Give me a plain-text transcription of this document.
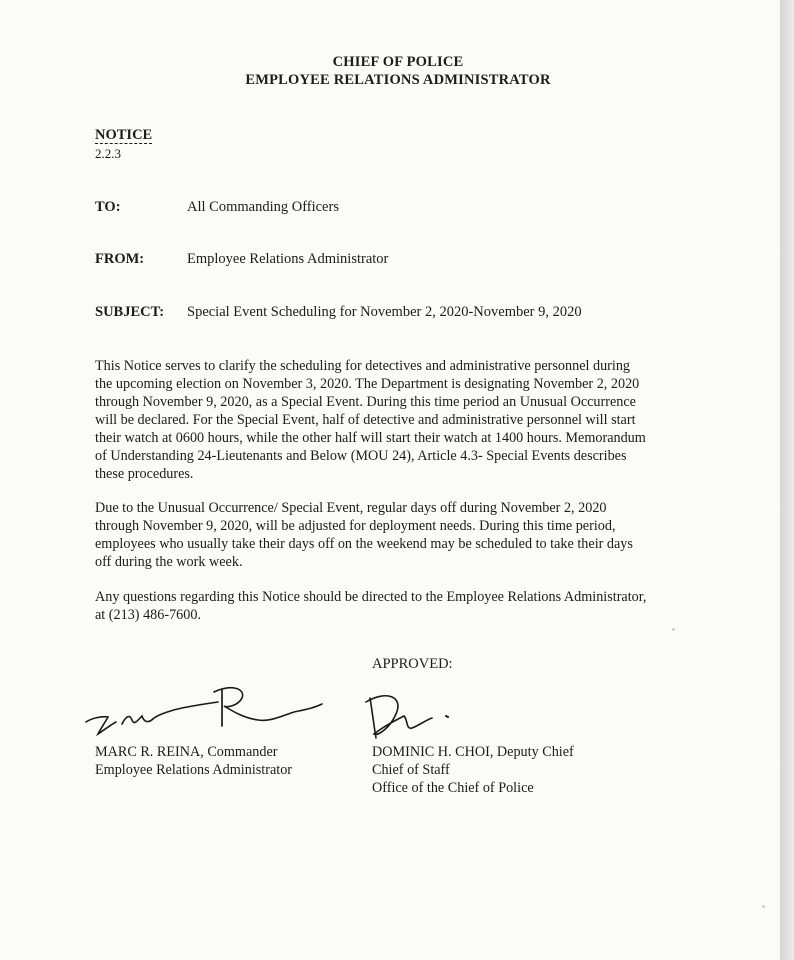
CHIEF OF POLICE
EMPLOYEE RELATIONS ADMINISTRATOR
NOTICE
2.2.3
TO:	All Commanding Officers
FROM:	Employee Relations Administrator
SUBJECT: Special Event Scheduling for November 2, 2020-November 9, 2020
This Notice serves to clarify the scheduling for detectives and administrative personnel during
the upcoming election on November 3, 2020. The Department is designating November 2, 2020
through November 9, 2020, as a Special Event. During this time period an Unusual Occurrence
will be declared. For the Special Event, half of detective and administrative personnel will start
their watch at 0600 hours, while the other half will start their watch at 1400 hours. Memorandum
of Understanding 24-Lieutenants and Below (MOU 24), Article 4.3- Special Events describes
these procedures.
Due to the Unusual Occurrence/ Special Event, regular days off during November 2, 2020
through November 9, 2020, will be adjusted for deployment needs. During this time period,
employees who usually take their days off on the weekend may be scheduled to take their days
off during the work week.
Any questions regarding this Notice should be directed to the Employee Relations Administrator,
at (213) 486-7600.
APPROVED:
MARC R. REINA, Commander
Employee Relations Administrator
DOMINIC H. CHOI, Deputy Chief
Chief of Staff
Office of the Chief of Police
